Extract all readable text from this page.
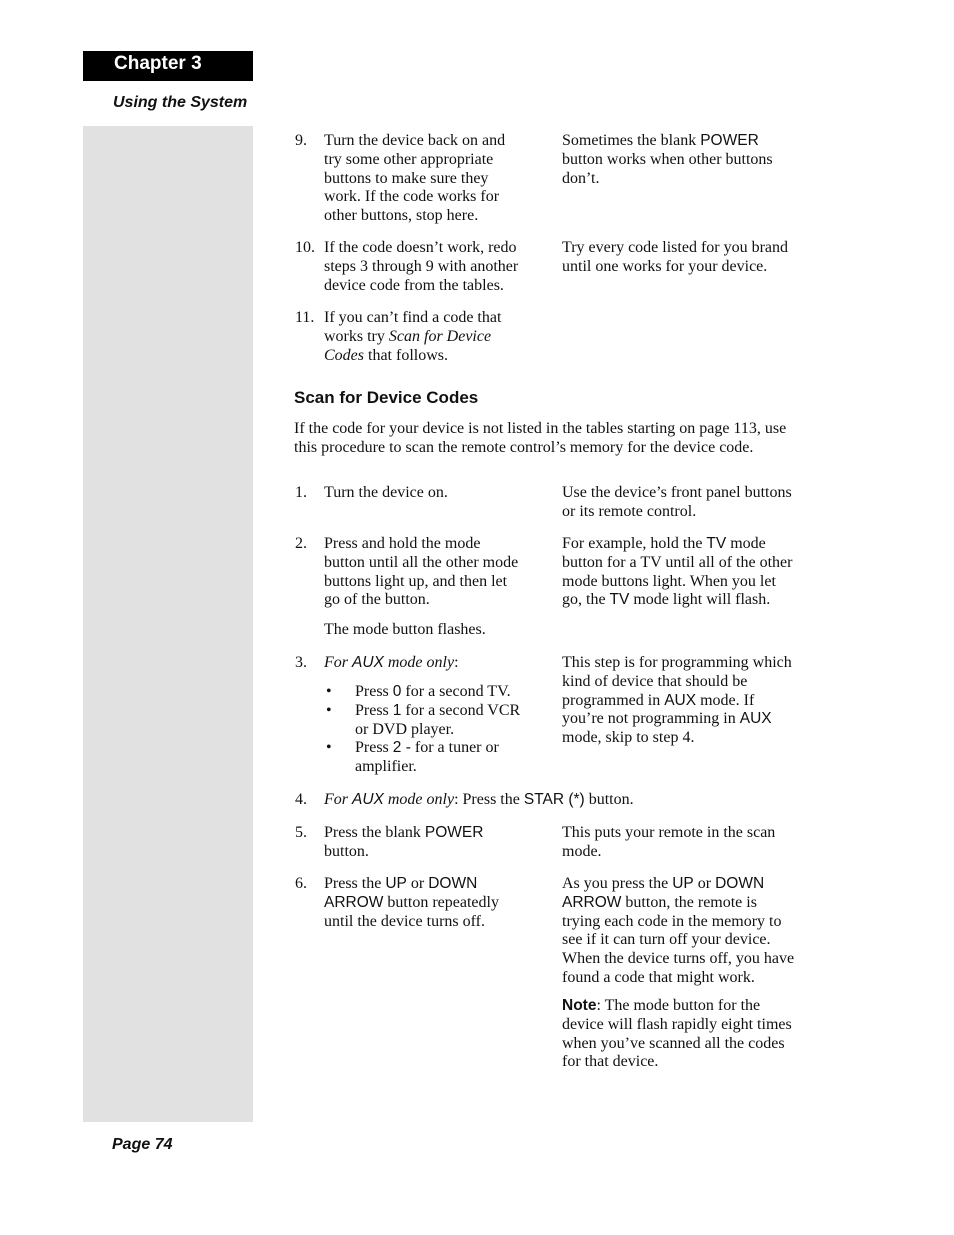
Chapter 3
Using the System
9. Turn the device back on and
try some other appropriate
buttons to make sure they
work. If the code works for
other buttons, stop here.
Sometimes the blank POWER
button works when other buttons
don’t.
10. If the code doesn’t work, redo
steps 3 through 9 with another
device code from the tables.
Try every code listed for you brand
until one works for your device.
11. If you can’t find a code that
works try Scan for Device
Codes that follows.
Scan for Device Codes
If the code for your device is not listed in the tables starting on page 113, use
this procedure to scan the remote control’s memory for the device code.
1. Turn the device on.	Use the device’s front panel buttons
or its remote control.
2. Press and hold the mode
button until all the other mode
buttons light up, and then let
go of the button.
The mode button flashes.
For example, hold the TV mode
button for a TV until all of the other
mode buttons light. When you let
go, the TV mode light will flash.
3. For AUX mode only:
• Press 0 for a second TV.
• Press 1 for a second VCR
or DVD player.
• Press 2 - for a tuner or
amplifier.
This step is for programming which
kind of device that should be
programmed in AUX mode. If
you’re not programming in AUX
mode, skip to step 4.
4. For AUX mode only: Press the STAR (*) button.
5. Press the blank POWER
button.
This puts your remote in the scan
mode.
6. Press the UP or DOWN
ARROW button repeatedly
until the device turns off.
As you press the UP or DOWN
ARROW button, the remote is
trying each code in the memory to
see if it can turn off your device.
When the device turns off, you have
found a code that might work.
Note: The mode button for the
device will flash rapidly eight times
when you’ve scanned all the codes
for that device.
Page 74
